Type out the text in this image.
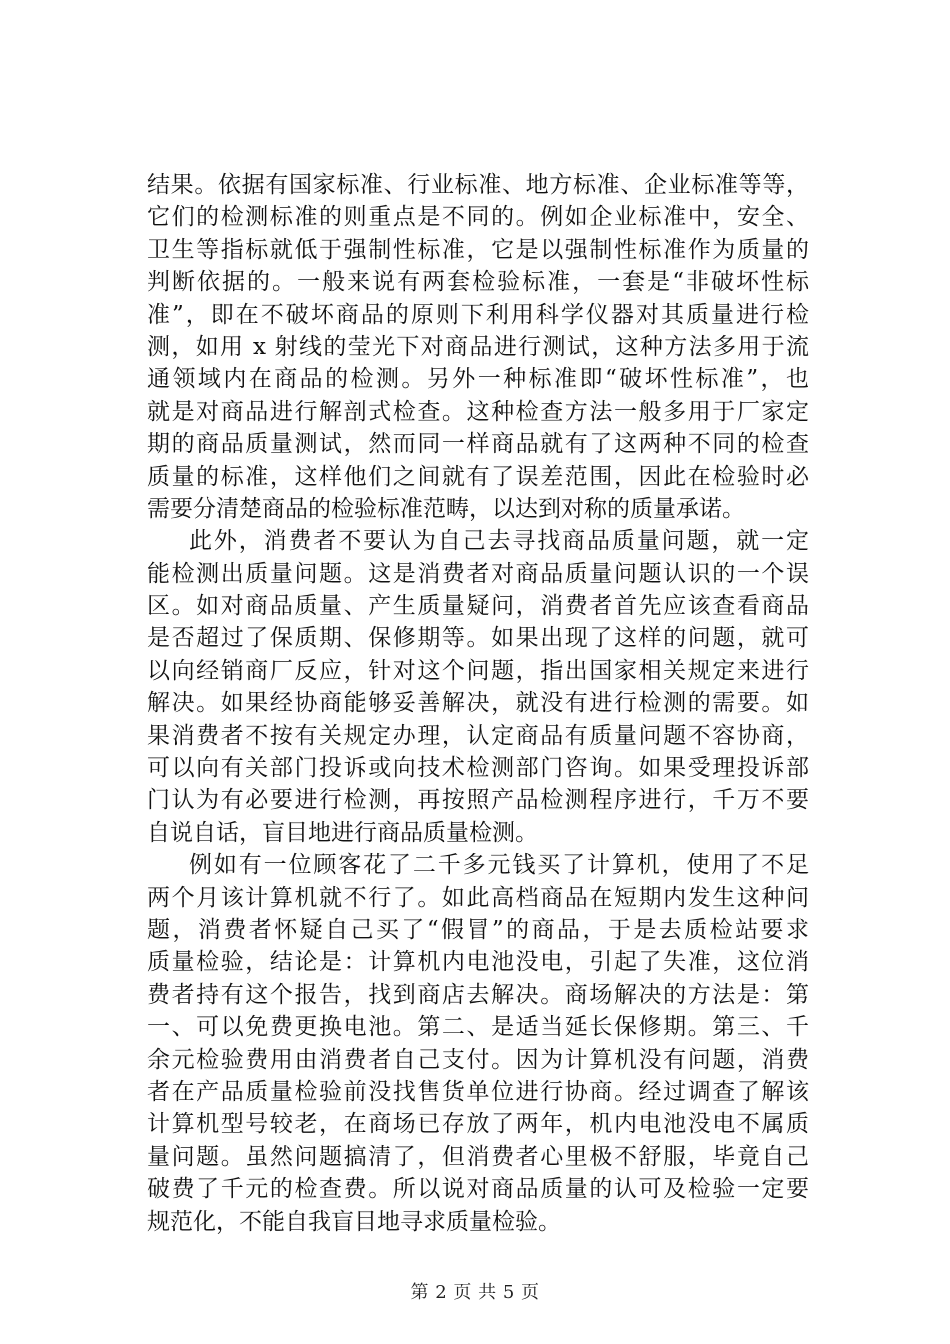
结果。依据有国家标准、行业标准、地方标准、企业标准等等，
它们的检测标准的则重点是不同的。例如企业标准中，安全、
卫生等指标就低于强制性标准，它是以强制性标准作为质量的
判断依据的。一般来说有两套检验标准，一套是“非破坏性标
准”，即在不破坏商品的原则下利用科学仪器对其质量进行检
测，如用 x 射线的莹光下对商品进行测试，这种方法多用于流
通领域内在商品的检测。另外一种标准即“破坏性标准”，也
就是对商品进行解剖式检查。这种检查方法一般多用于厂家定
期的商品质量测试，然而同一样商品就有了这两种不同的检查
质量的标准，这样他们之间就有了误差范围，因此在检验时必
需要分清楚商品的检验标准范畴，以达到对称的质量承诺。
此外，消费者不要认为自己去寻找商品质量问题，就一定
能检测出质量问题。这是消费者对商品质量问题认识的一个误
区。如对商品质量、产生质量疑问，消费者首先应该查看商品
是否超过了保质期、保修期等。如果出现了这样的问题，就可
以向经销商厂反应，针对这个问题，指出国家相关规定来进行
解决。如果经协商能够妥善解决，就没有进行检测的需要。如
果消费者不按有关规定办理，认定商品有质量问题不容协商，
可以向有关部门投诉或向技术检测部门咨询。如果受理投诉部
门认为有必要进行检测，再按照产品检测程序进行，千万不要
自说自话，盲目地进行商品质量检测。
例如有一位顾客花了二千多元钱买了计算机，使用了不足
两个月该计算机就不行了。如此高档商品在短期内发生这种问
题，消费者怀疑自己买了“假冒”的商品，于是去质检站要求
质量检验，结论是：计算机内电池没电，引起了失准，这位消
费者持有这个报告，找到商店去解决。商场解决的方法是：第
一、可以免费更换电池。第二、是适当延长保修期。第三、千
余元检验费用由消费者自己支付。因为计算机没有问题，消费
者在产品质量检验前没找售货单位进行协商。经过调查了解该
计算机型号较老，在商场已存放了两年，机内电池没电不属质
量问题。虽然问题搞清了，但消费者心里极不舒服，毕竟自己
破费了千元的检查费。所以说对商品质量的认可及检验一定要
规范化，不能自我盲目地寻求质量检验。
第 2 页 共 5 页
